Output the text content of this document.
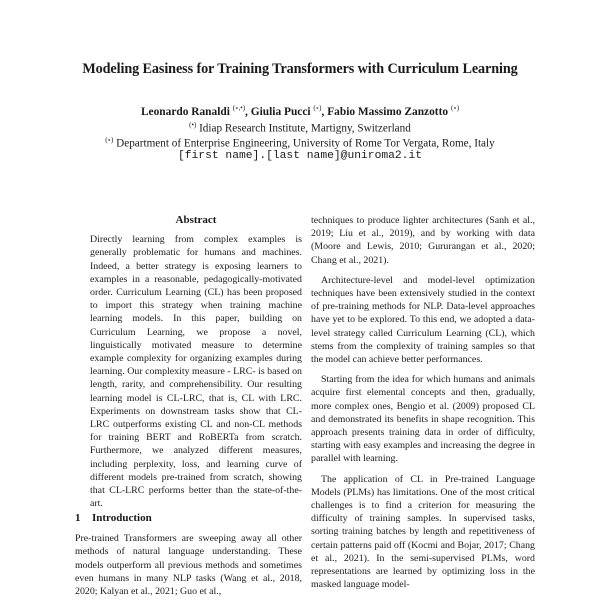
Modeling Easiness for Training Transformers with Curriculum Learning

Leonardo Ranaldi (∘,•), Giulia Pucci (∘), Fabio Massimo Zanzotto (∘)

(•) Idiap Research Institute, Martigny, Switzerland

(∘) Department of Enterprise Engineering, University of Rome Tor Vergata, Rome, Italy

[first name].[last name]@uniroma2.it

Abstract

Directly learning from complex examples is generally problematic for humans and machines. Indeed, a better strategy is exposing learners to examples in a reasonable, pedagogically-motivated order. Curriculum Learning (CL) has been proposed to import this strategy when training machine learning models. In this paper, building on Curriculum Learning, we propose a novel, linguistically motivated measure to determine example complexity for organizing examples during learning. Our complexity measure - LRC- is based on length, rarity, and comprehensibility. Our resulting learning model is CL-LRC, that is, CL with LRC. Experiments on downstream tasks show that CL-LRC outperforms existing CL and non-CL methods for training BERT and RoBERTa from scratch. Furthermore, we analyzed different measures, including perplexity, loss, and learning curve of different models pre-trained from scratch, showing that CL-LRC performs better than the state-of-the-art.

1 Introduction

Pre-trained Transformers are sweeping away all other methods of natural language understanding. These models outperform all previous methods and sometimes even humans in many NLP tasks (Wang et al., 2018, 2020; Kalyan et al., 2021; Guo et al.,

techniques to produce lighter architectures (Sanh et al., 2019; Liu et al., 2019), and by working with data (Moore and Lewis, 2010; Gururangan et al., 2020; Chang et al., 2021).

Architecture-level and model-level optimization techniques have been extensively studied in the context of pre-training methods for NLP. Data-level approaches have yet to be explored. To this end, we adopted a data-level strategy called Curriculum Learning (CL), which stems from the complexity of training samples so that the model can achieve better performances.

Starting from the idea for which humans and animals acquire first elemental concepts and then, gradually, more complex ones, Bengio et al. (2009) proposed CL and demonstrated its benefits in shape recognition. This approach presents training data in order of difficulty, starting with easy examples and increasing the degree in parallel with learning.

The application of CL in Pre-trained Language Models (PLMs) has limitations. One of the most critical challenges is to find a criterion for measuring the difficulty of training samples. In supervised tasks, sorting training batches by length and repetitiveness of certain patterns paid off (Kocmi and Bojar, 2017; Chang et al., 2021). In the semi-supervised PLMs, word representations are learned by optimizing loss in the masked language model-
